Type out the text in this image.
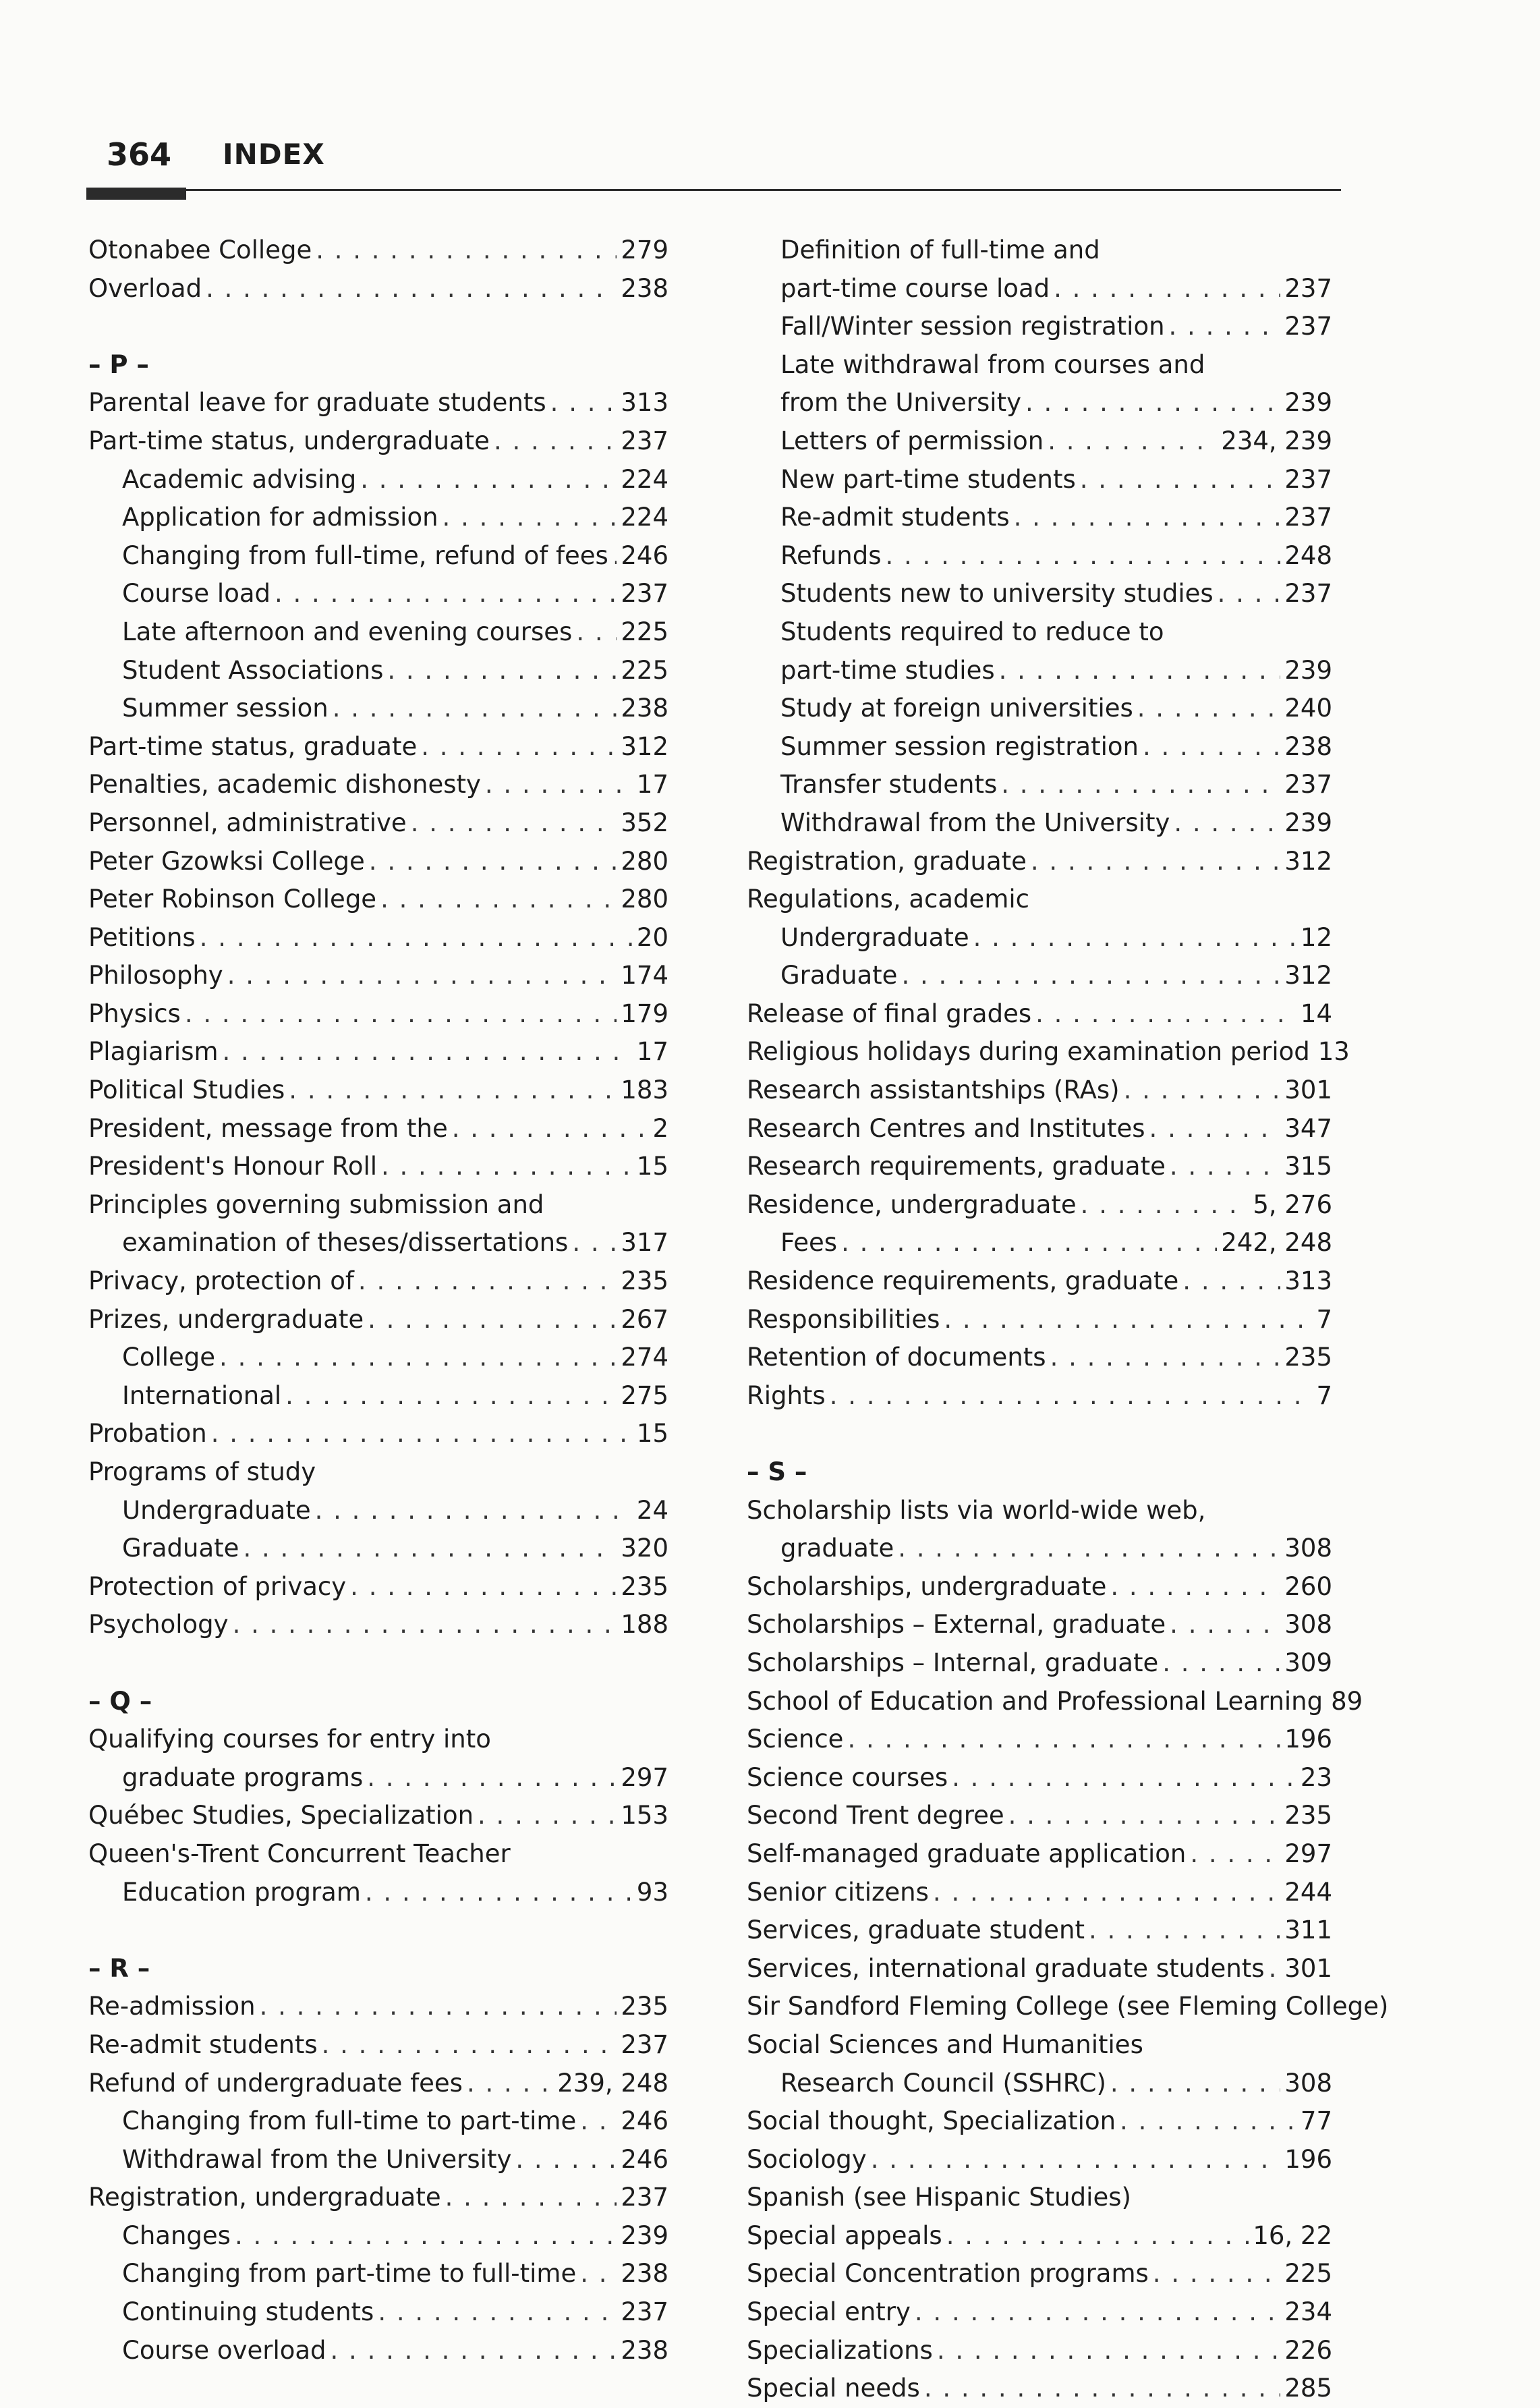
364 INDEX
Otonabee College . . .	279
Overload . . .	238
– P –
Parental leave for graduate students . . .	313
Part-time status, undergraduate . . .	237
Academic advising . . .	224
Application for admission . . .	224
Changing from full-time, refund of fees . . . 246
Course load . . .	237
Late afternoon and evening courses . . . 225
Student Associations . . .	225
Summer session . . .	238
Part-time status, graduate . . .	312
Penalties, academic dishonesty . . .	17
Personnel, administrative . . .	352
Peter Gzowksi College . . .	280
Peter Robinson College . . .	280
Petitions . . .	20
Philosophy . . .	174
Physics . . .	179
Plagiarism . . .	17
Political Studies . . .	183
President, message from the . . .	2
President's Honour Roll . . .	15
Principles governing submission and
examination of theses/dissertations . . . 317
Privacy, protection of . . .	235
Prizes, undergraduate . . .	267
College . . .	274
International . . .	275
Probation . . .	15
Programs of study
Undergraduate . . .	24
Graduate . . .	320
Protection of privacy . . .	235
Psychology . . .	188
– Q –
Qualifying courses for entry into
graduate programs . . .	297
Québec Studies, Specialization . . .	153
Queen's-Trent Concurrent Teacher
Education program . . .	93
– R –
Re-admission . . .	235
Re-admit students . . .	237
Refund of undergraduate fees . . .	239, 248
Changing from full-time to part-time . . . 246
Withdrawal from the University . . .	246
Registration, undergraduate . . .	237
Changes . . .	239
Changing from part-time to full-time . . . 238
Continuing students . . .	237
Course overload . . .	238
Definition of full-time and
part-time course load . . .	237
Fall/Winter session registration . . .	237
Late withdrawal from courses and
from the University . . .	239
Letters of permission . . .	234, 239
New part-time students . . .	237
Re-admit students . . .	237
Refunds . . .	248
Students new to university studies . . .	237
Students required to reduce to
part-time studies . . .	239
Study at foreign universities . . .	240
Summer session registration . . .	238
Transfer students . . .	237
Withdrawal from the University . . .	239
Registration, graduate . . .	312
Regulations, academic
Undergraduate . . .	12
Graduate . . .	312
Release of final grades . . .	14
Religious holidays during examination period 13
Research assistantships (RAs) . . .	301
Research Centres and Institutes . . .	347
Research requirements, graduate . . .	315
Residence, undergraduate . . .	5, 276
Fees . . .	242, 248
Residence requirements, graduate . . .	313
Responsibilities . . .	7
Retention of documents . . .	235
Rights . . .	7
– S –
Scholarship lists via world-wide web,
graduate . . .	308
Scholarships, undergraduate . . .	260
Scholarships – External, graduate . . .	308
Scholarships – Internal, graduate . . .	309
School of Education and Professional Learning 89
Science . . .	196
Science courses . . .	23
Second Trent degree . . .	235
Self-managed graduate application . . .	297
Senior citizens . . .	244
Services, graduate student . . .	311
Services, international graduate students . . . 301
Sir Sandford Fleming College (see Fleming College)
Social Sciences and Humanities
Research Council (SSHRC) . . .	308
Social thought, Specialization . . .	77
Sociology . . .	196
Spanish (see Hispanic Studies)
Special appeals . . .	16, 22
Special Concentration programs . . .	225
Special entry . . .	234
Specializations . . .	226
Special needs . . .	285
